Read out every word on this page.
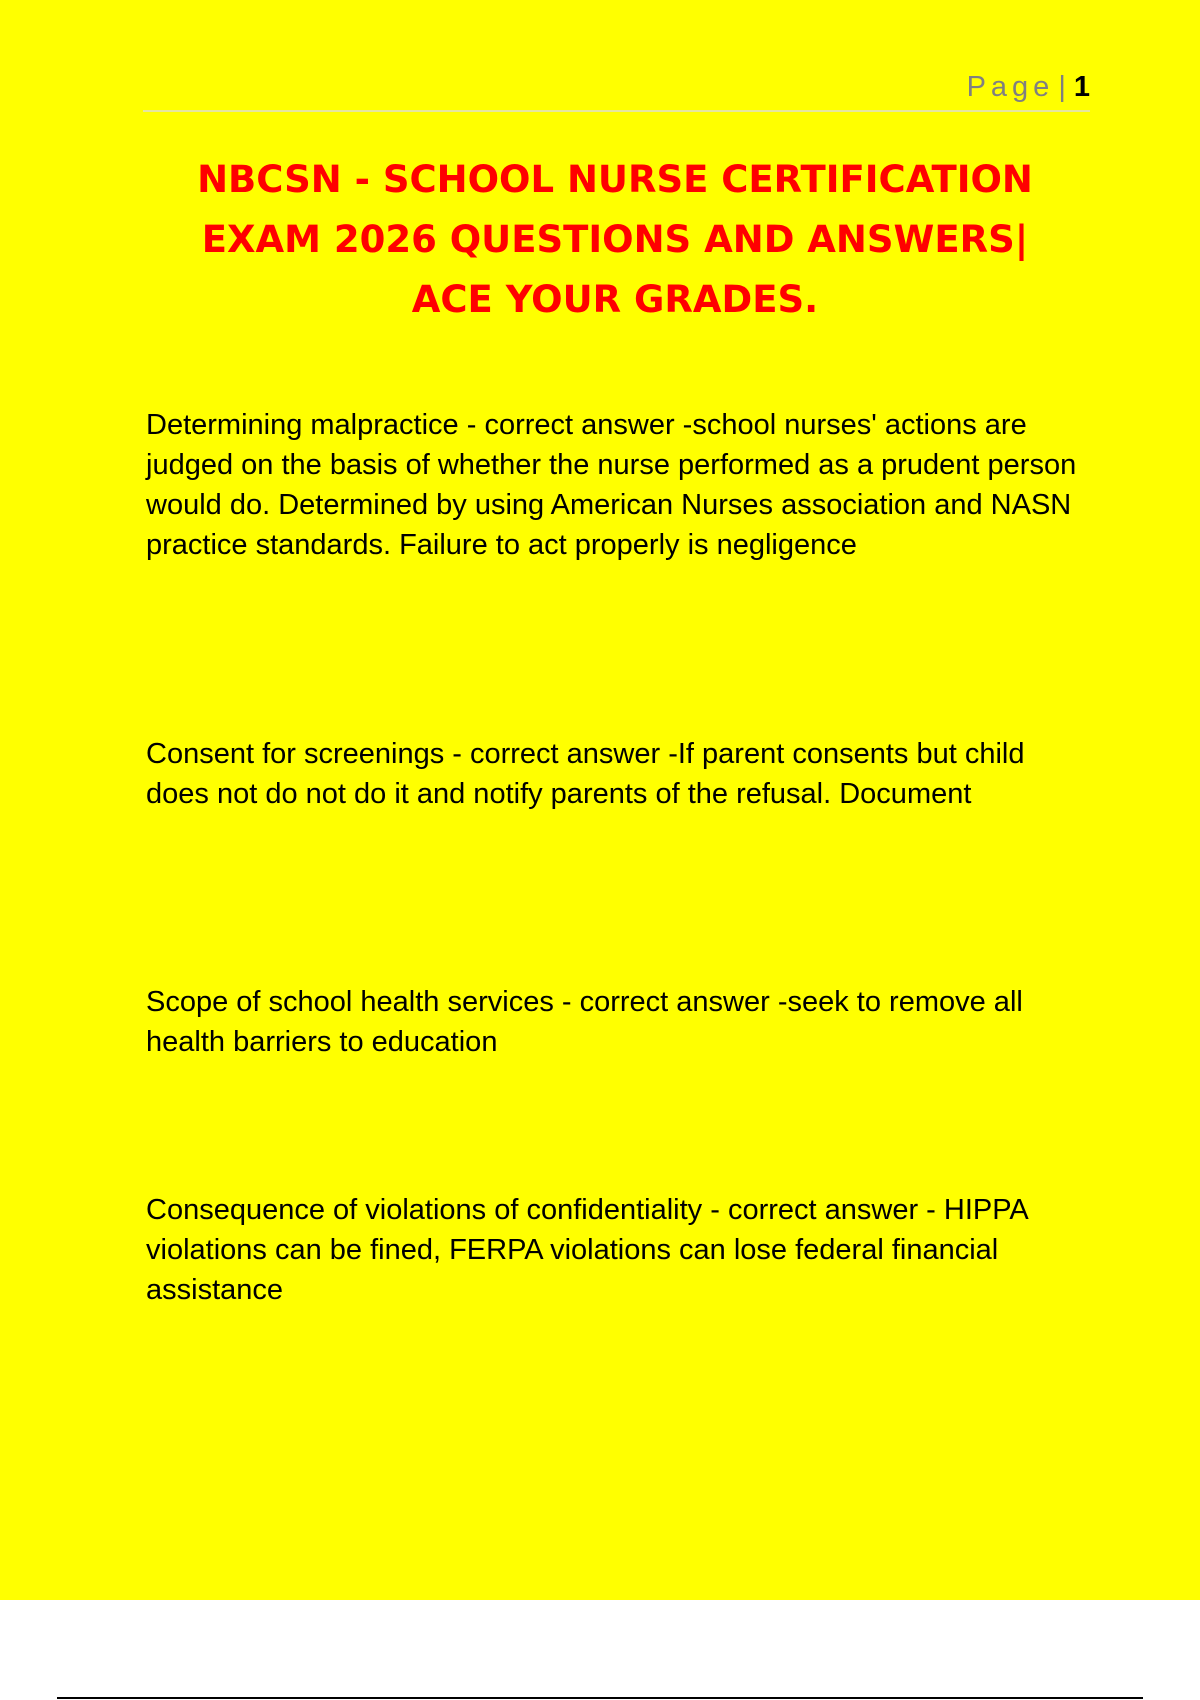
Page | 1
NBCSN - SCHOOL NURSE CERTIFICATION
EXAM 2026 QUESTIONS AND ANSWERS|
ACE YOUR GRADES.

Determining malpractice - correct answer -school nurses' actions are judged on the basis of whether the nurse performed as a prudent person would do. Determined by using American Nurses association and NASN practice standards. Failure to act properly is negligence

Consent for screenings - correct answer -If parent consents but child does not do not do it and notify parents of the refusal. Document

Scope of school health services - correct answer -seek to remove all health barriers to education

Consequence of violations of confidentiality - correct answer - HIPPA violations can be fined, FERPA violations can lose federal financial assistance
